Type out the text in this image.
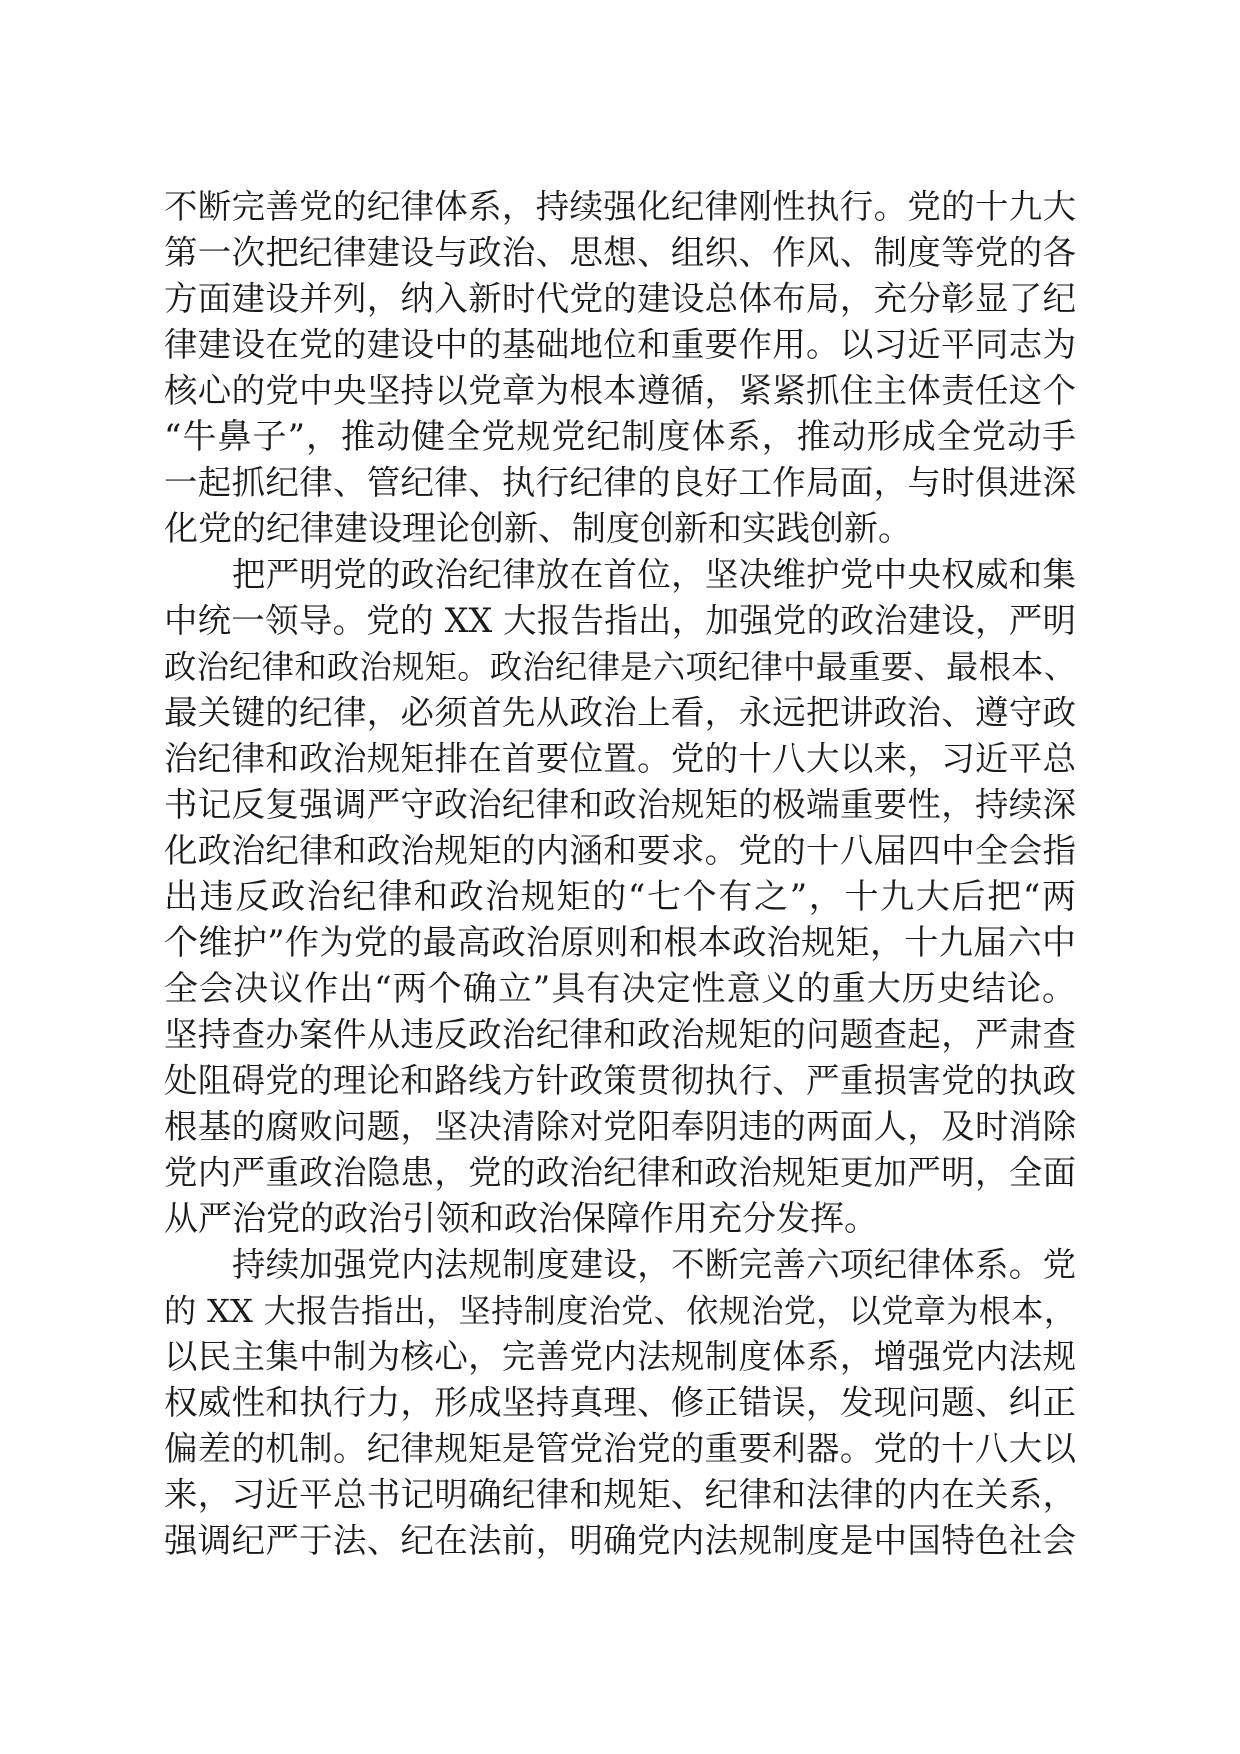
不断完善党的纪律体系，持续强化纪律刚性执行。党的十九大
第一次把纪律建设与政治、思想、组织、作风、制度等党的各
方面建设并列，纳入新时代党的建设总体布局，充分彰显了纪
律建设在党的建设中的基础地位和重要作用。以习近平同志为
核心的党中央坚持以党章为根本遵循，紧紧抓住主体责任这个
“牛鼻子”，推动健全党规党纪制度体系，推动形成全党动手
一起抓纪律、管纪律、执行纪律的良好工作局面，与时俱进深
化党的纪律建设理论创新、制度创新和实践创新。
把严明党的政治纪律放在首位，坚决维护党中央权威和集
中统一领导。党的 XX 大报告指出，加强党的政治建设，严明
政治纪律和政治规矩。政治纪律是六项纪律中最重要、最根本、
最关键的纪律，必须首先从政治上看，永远把讲政治、遵守政
治纪律和政治规矩排在首要位置。党的十八大以来，习近平总
书记反复强调严守政治纪律和政治规矩的极端重要性，持续深
化政治纪律和政治规矩的内涵和要求。党的十八届四中全会指
出违反政治纪律和政治规矩的“七个有之”，十九大后把“两
个维护”作为党的最高政治原则和根本政治规矩，十九届六中
全会决议作出“两个确立”具有决定性意义的重大历史结论。
坚持查办案件从违反政治纪律和政治规矩的问题查起，严肃查
处阻碍党的理论和路线方针政策贯彻执行、严重损害党的执政
根基的腐败问题，坚决清除对党阳奉阴违的两面人，及时消除
党内严重政治隐患，党的政治纪律和政治规矩更加严明，全面
从严治党的政治引领和政治保障作用充分发挥。
持续加强党内法规制度建设，不断完善六项纪律体系。党
的 XX 大报告指出，坚持制度治党、依规治党，以党章为根本，
以民主集中制为核心，完善党内法规制度体系，增强党内法规
权威性和执行力，形成坚持真理、修正错误，发现问题、纠正
偏差的机制。纪律规矩是管党治党的重要利器。党的十八大以
来，习近平总书记明确纪律和规矩、纪律和法律的内在关系，
强调纪严于法、纪在法前，明确党内法规制度是中国特色社会
